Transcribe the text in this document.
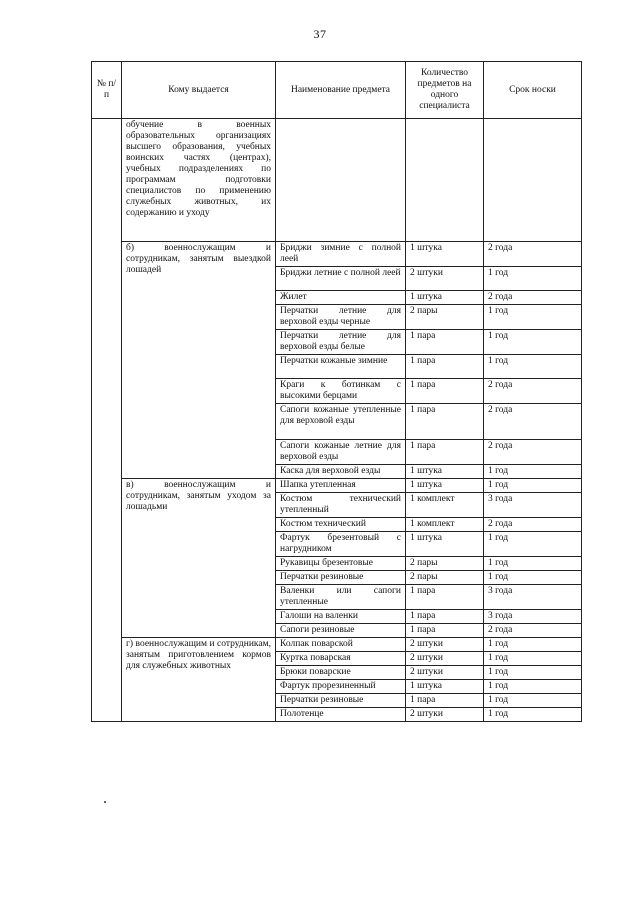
37
№ п/п	Кому выдается	Наименование предмета	Количество предметов на одного специалиста	Срок носки
	обучение в военных образовательных организациях высшего образования, учебных воинских частях (центрах), учебных подразделениях по программам подготовки специалистов по применению служебных животных, их содержанию и уходу			
	б) военнослужащим и сотрудникам, занятым выездкой лошадей	Бриджи зимние с полной леей	1 штука	2 года
		Бриджи летние с полной леей	2 штуки	1 год
		Жилет	1 штука	2 года
		Перчатки летние для верховой езды черные	2 пары	1 год
		Перчатки летние для верховой езды белые	1 пара	1 год
		Перчатки кожаные зимние	1 пара	1 год
		Краги к ботинкам с высокими берцами	1 пара	2 года
		Сапоги кожаные утепленные для верховой езды	1 пара	2 года
		Сапоги кожаные летние для верховой езды	1 пара	2 года
		Каска для верховой езды	1 штука	1 год
	в) военнослужащим и сотрудникам, занятым уходом за лошадьми	Шапка утепленная	1 штука	1 год
		Костюм технический утепленный	1 комплект	3 года
		Костюм технический	1 комплект	2 года
		Фартук брезентовый с нагрудником	1 штука	1 год
		Рукавицы брезентовые	2 пары	1 год
		Перчатки резиновые	2 пары	1 год
		Валенки или сапоги утепленные	1 пара	3 года
		Галоши на валенки	1 пара	3 года
		Сапоги резиновые	1 пара	2 года
	г) военнослужащим и сотрудникам, занятым приготовлением кормов для служебных животных	Колпак поварской	2 штуки	1 год
		Куртка поварская	2 штуки	1 год
		Брюки поварские	2 штуки	1 год
		Фартук прорезиненный	1 штука	1 год
		Перчатки резиновые	1 пара	1 год
		Полотенце	2 штуки	1 год
